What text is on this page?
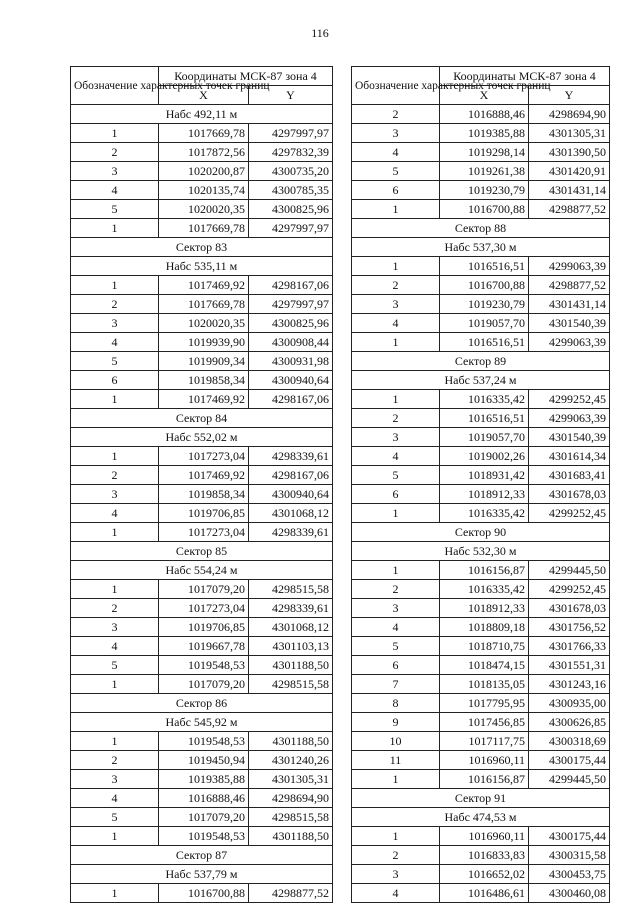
116
Обозначение характерных точек границ	Координаты МСК-87 зона 4	
	X	Y
Набс 492,11 м		
1	1017669,78	4297997,97
2	1017872,56	4297832,39
3	1020200,87	4300735,20
4	1020135,74	4300785,35
5	1020020,35	4300825,96
1	1017669,78	4297997,97
Сектор 83		
Набс 535,11 м		
1	1017469,92	4298167,06
2	1017669,78	4297997,97
3	1020020,35	4300825,96
4	1019939,90	4300908,44
5	1019909,34	4300931,98
6	1019858,34	4300940,64
1	1017469,92	4298167,06
Сектор 84		
Набс 552,02 м		
1	1017273,04	4298339,61
2	1017469,92	4298167,06
3	1019858,34	4300940,64
4	1019706,85	4301068,12
1	1017273,04	4298339,61
Сектор 85		
Набс 554,24 м		
1	1017079,20	4298515,58
2	1017273,04	4298339,61
3	1019706,85	4301068,12
4	1019667,78	4301103,13
5	1019548,53	4301188,50
1	1017079,20	4298515,58
Сектор 86		
Набс 545,92 м		
1	1019548,53	4301188,50
2	1019450,94	4301240,26
3	1019385,88	4301305,31
4	1016888,46	4298694,90
5	1017079,20	4298515,58
1	1019548,53	4301188,50
Сектор 87		
Набс 537,79 м		
1	1016700,88	4298877,52
Обозначение характерных точек границ	Координаты МСК-87 зона 4	
	X	Y
2	1016888,46	4298694,90
3	1019385,88	4301305,31
4	1019298,14	4301390,50
5	1019261,38	4301420,91
6	1019230,79	4301431,14
1	1016700,88	4298877,52
Сектор 88		
Набс 537,30 м		
1	1016516,51	4299063,39
2	1016700,88	4298877,52
3	1019230,79	4301431,14
4	1019057,70	4301540,39
1	1016516,51	4299063,39
Сектор 89		
Набс 537,24 м		
1	1016335,42	4299252,45
2	1016516,51	4299063,39
3	1019057,70	4301540,39
4	1019002,26	4301614,34
5	1018931,42	4301683,41
6	1018912,33	4301678,03
1	1016335,42	4299252,45
Сектор 90		
Набс 532,30 м		
1	1016156,87	4299445,50
2	1016335,42	4299252,45
3	1018912,33	4301678,03
4	1018809,18	4301756,52
5	1018710,75	4301766,33
6	1018474,15	4301551,31
7	1018135,05	4301243,16
8	1017795,95	4300935,00
9	1017456,85	4300626,85
10	1017117,75	4300318,69
11	1016960,11	4300175,44
1	1016156,87	4299445,50
Сектор 91		
Набс 474,53 м		
1	1016960,11	4300175,44
2	1016833,83	4300315,58
3	1016652,02	4300453,75
4	1016486,61	4300460,08
